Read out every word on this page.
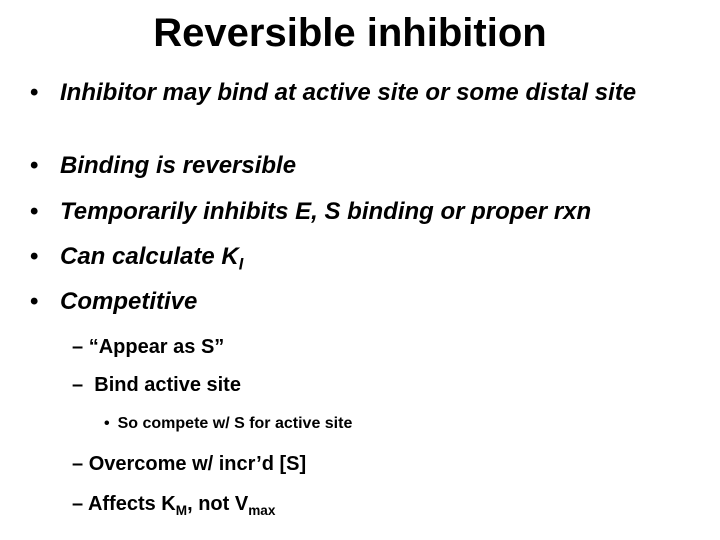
Reversible inhibition
• Inhibitor may bind at active site or some distal site
• Binding is reversible
• Temporarily inhibits E, S binding or proper rxn
• Can calculate $K_I$
• Competitive
– “Appear as S”
–  Bind active site
• So compete w/ S for active site
– Overcome w/ incr’d [S]
– Affects $K_M$, not $V_{max}$
